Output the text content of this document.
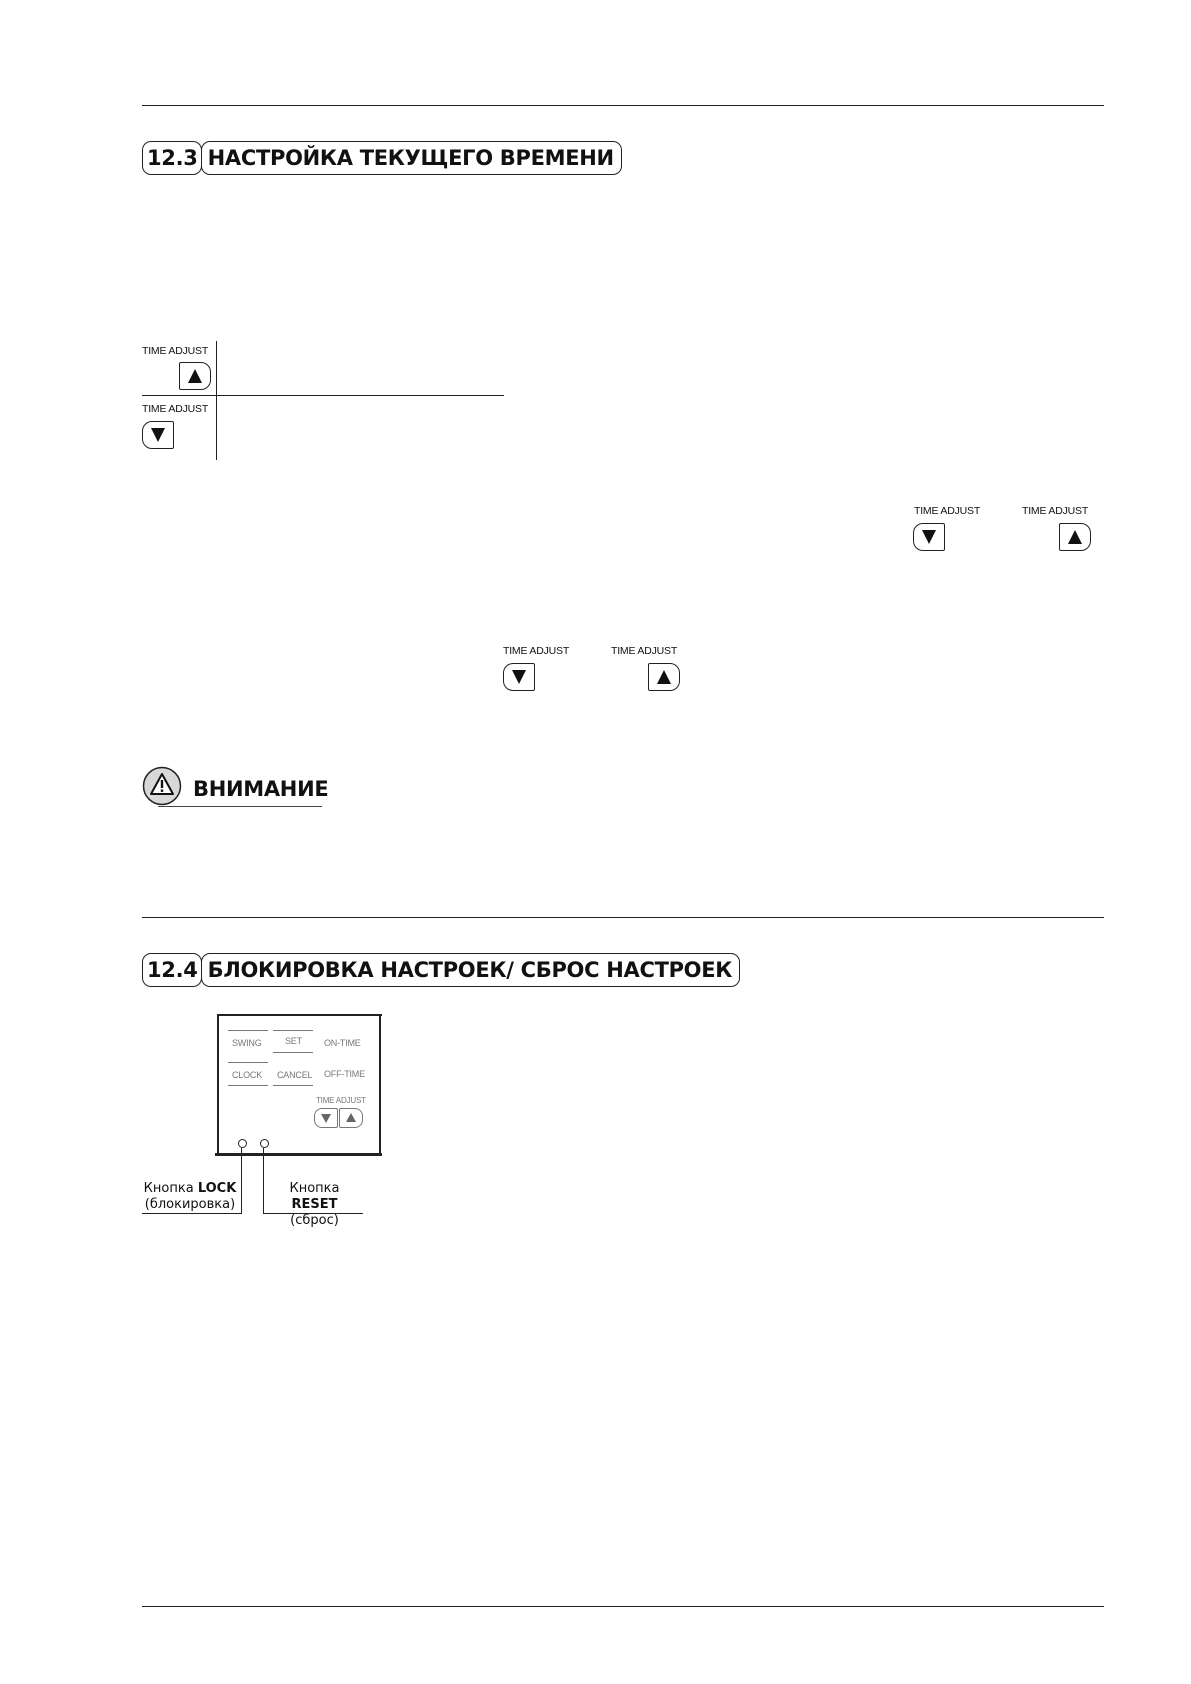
12.3 НАСТРОЙКА ТЕКУЩЕГО ВРЕМЕНИ
TIME ADJUST
TIME ADJUST
TIME ADJUST	TIME ADJUST
TIME ADJUST	TIME ADJUST
ВНИМАНИЕ
12.4 БЛОКИРОВКА НАСТРОЕК/ СБРОС НАСТРОЕК
SWING	SET ON-TIME
CLOCK CANCEL OFF-TIME
TIME ADJUST
Кнопка LOCK
(блокировка)
Кнопка RESET
(сброс)
